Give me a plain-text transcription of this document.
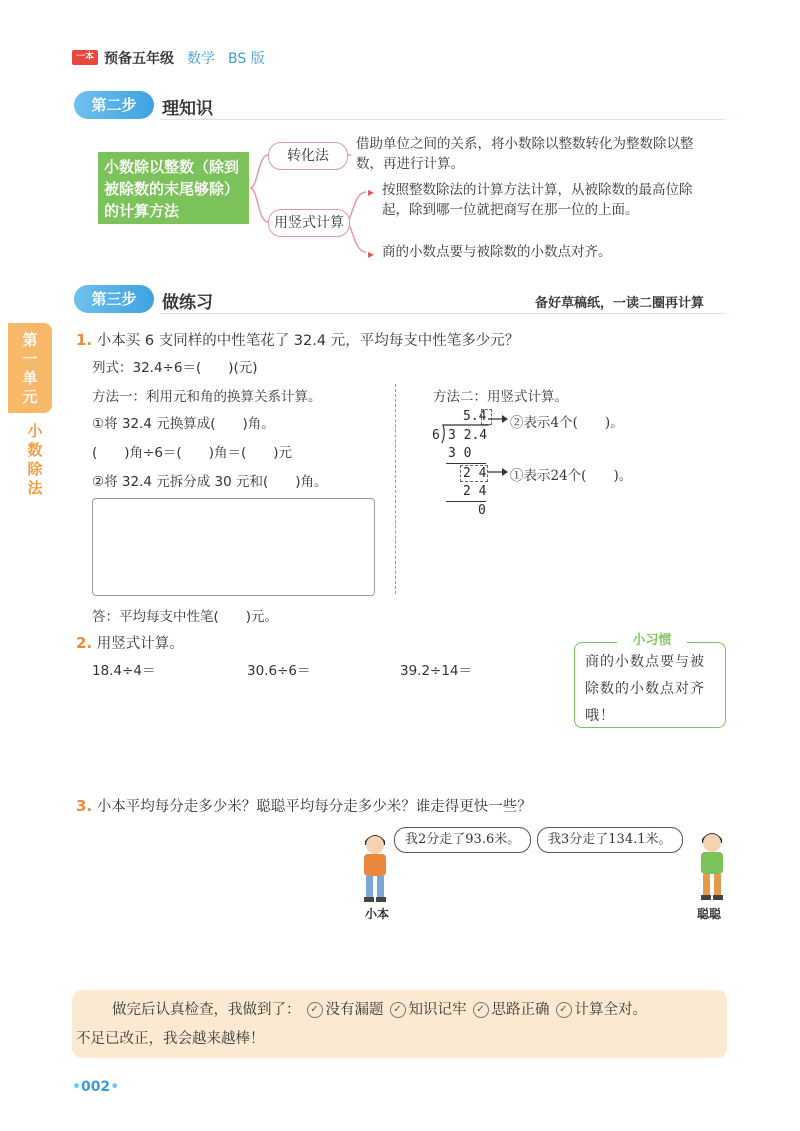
一本 预备五年级 数学 BS 版
第二步	理知识
小数除以整数（除到被除数的末尾够除）的计算方法
转化法
用竖式计算
借助单位之间的关系，将小数除以整数转化为整数除以整数，再进行计算。
▸ 按照整数除法的计算方法计算，从被除数的最高位除起，除到哪一位就把商写在那一位的上面。
▸ 商的小数点要与被除数的小数点对齐。
第三步	做练习	备好草稿纸，一读二圈再计算
第一单元
小数除法
1. 小本买 6 支同样的中性笔花了 32.4 元，平均每支中性笔多少元？
列式：32.4÷6＝(　　)(元)
方法一：利用元和角的换算关系计算。
①将 32.4 元换算成(　　)角。
(　　)角÷6＝(　　)角＝(　　)元
②将 32.4 元拆分成 30 元和(　　)角。
方法二：用竖式计算。
5.4
6 3 2.4
3 0
2 4
2 4
0
②表示4个(　　)。
①表示24个(　　)。
答：平均每支中性笔(　　)元。
2. 用竖式计算。
18.4÷4＝	30.6÷6＝	39.2÷14＝
商的小数点要与被除数的小数点对齐哦！
小习惯
3. 小本平均每分走多少米？聪聪平均每分走多少米？谁走得更快一些？
我2分走了93.6米。	我3分走了134.1米。
小本	聪聪
做完后认真检查，我做到了： ✓ 没有漏题 ✓ 知识记牢 ✓ 思路正确 ✓ 计算全对。
不足已改正，我会越来越棒！
•002•
